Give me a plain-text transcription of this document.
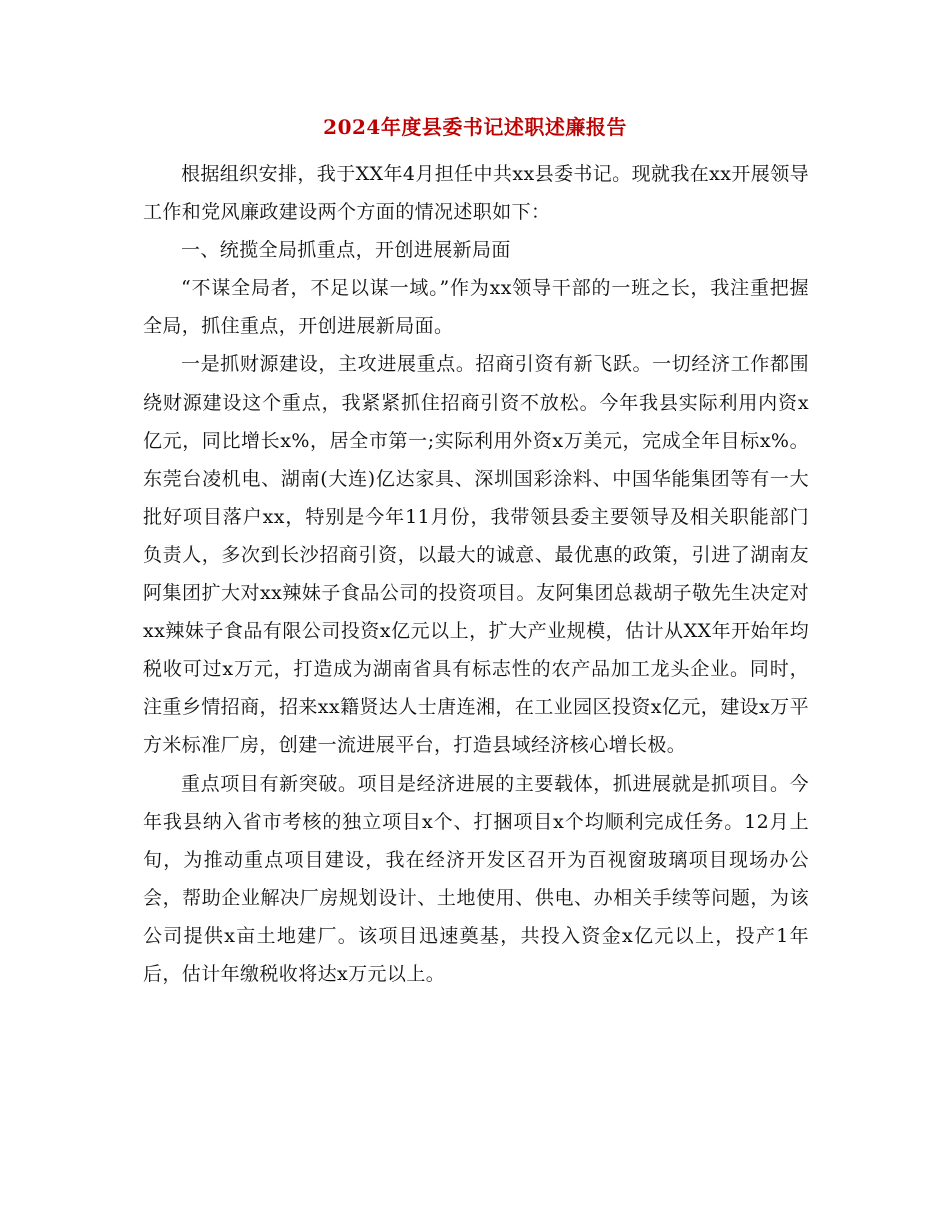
2024年度县委书记述职述廉报告

根据组织安排，我于XX年4月担任中共xx县委书记。现就我在xx开展领导工作和党风廉政建设两个方面的情况述职如下：

一、统揽全局抓重点，开创进展新局面

“不谋全局者，不足以谋一域。”作为xx领导干部的一班之长，我注重把握全局，抓住重点，开创进展新局面。

一是抓财源建设，主攻进展重点。招商引资有新飞跃。一切经济工作都围绕财源建设这个重点，我紧紧抓住招商引资不放松。今年我县实际利用内资x亿元，同比增长x%，居全市第一;实际利用外资x万美元，完成全年目标x%。东莞台凌机电、湖南(大连)亿达家具、深圳国彩涂料、中国华能集团等有一大批好项目落户xx，特别是今年11月份，我带领县委主要领导及相关职能部门负责人，多次到长沙招商引资，以最大的诚意、最优惠的政策，引进了湖南友阿集团扩大对xx辣妹子食品公司的投资项目。友阿集团总裁胡子敬先生决定对xx辣妹子食品有限公司投资x亿元以上，扩大产业规模，估计从XX年开始年均税收可过x万元，打造成为湖南省具有标志性的农产品加工龙头企业。同时，注重乡情招商，招来xx籍贤达人士唐连湘，在工业园区投资x亿元，建设x万平方米标准厂房，创建一流进展平台，打造县域经济核心增长极。

重点项目有新突破。项目是经济进展的主要载体，抓进展就是抓项目。今年我县纳入省市考核的独立项目x个、打捆项目x个均顺利完成任务。12月上旬，为推动重点项目建设，我在经济开发区召开为百视窗玻璃项目现场办公会，帮助企业解决厂房规划设计、土地使用、供电、办相关手续等问题，为该公司提供x亩土地建厂。该项目迅速奠基，共投入资金x亿元以上，投产1年后，估计年缴税收将达x万元以上。
